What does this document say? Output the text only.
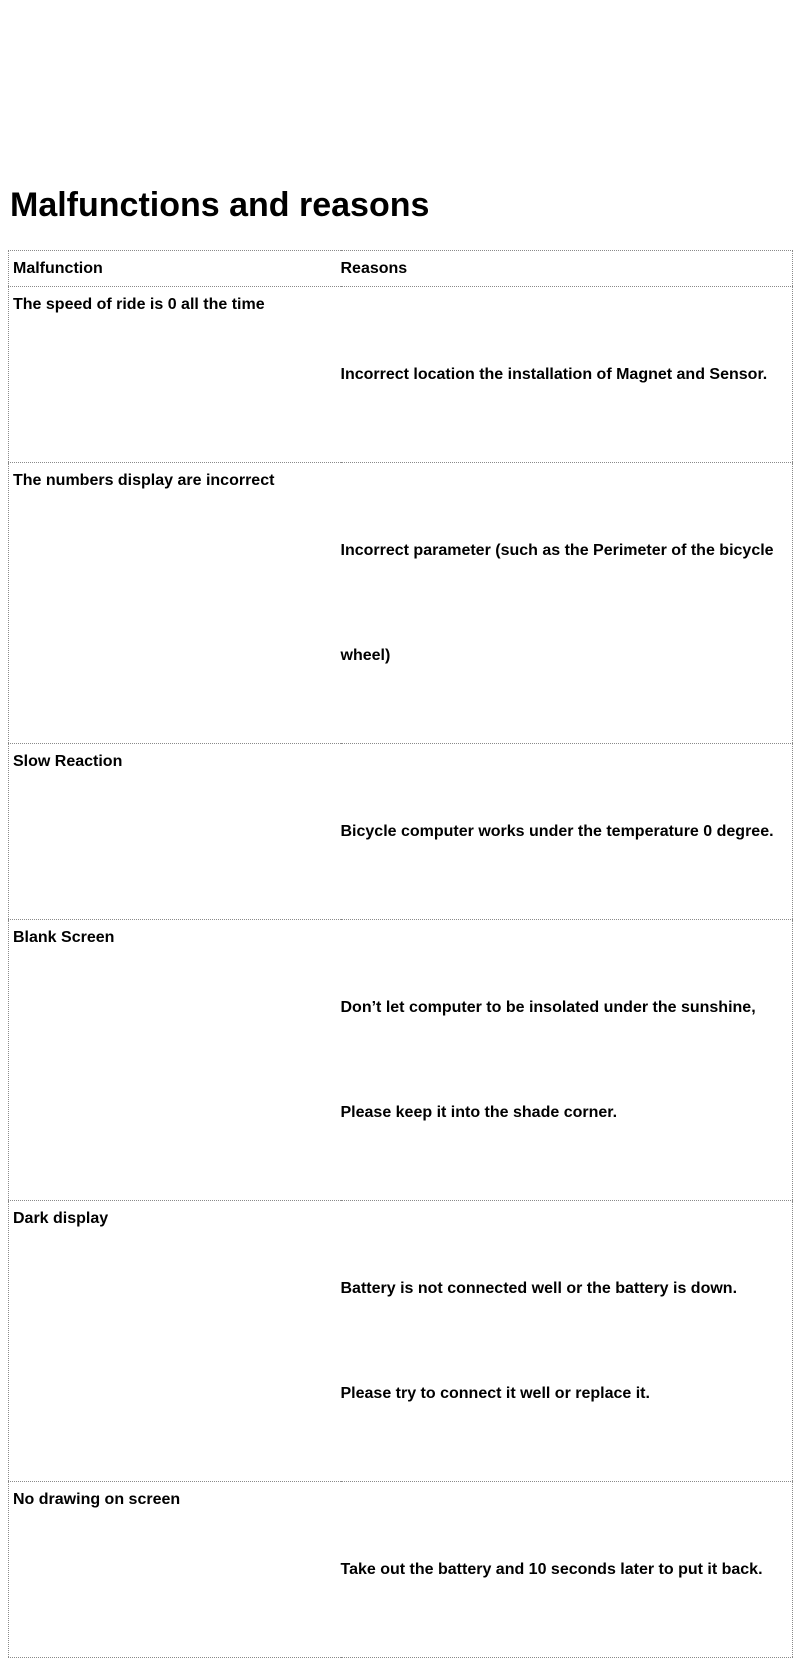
Malfunctions and reasons
Malfunction	Reasons
The speed of ride is 0 all the time	Incorrect location the installation of Magnet and Sensor.

The numbers display are incorrect	Incorrect parameter (such as the Perimeter of the bicycle

wheel)

Slow Reaction	Bicycle computer works under the temperature 0 degree.

Blank Screen	Don’t let computer to be insolated under the sunshine,

Please keep it into the shade corner.

Dark display	Battery is not connected well or the battery is down.

Please try to connect it well or replace it.

No drawing on screen	Take out the battery and 10 seconds later to put it back.
